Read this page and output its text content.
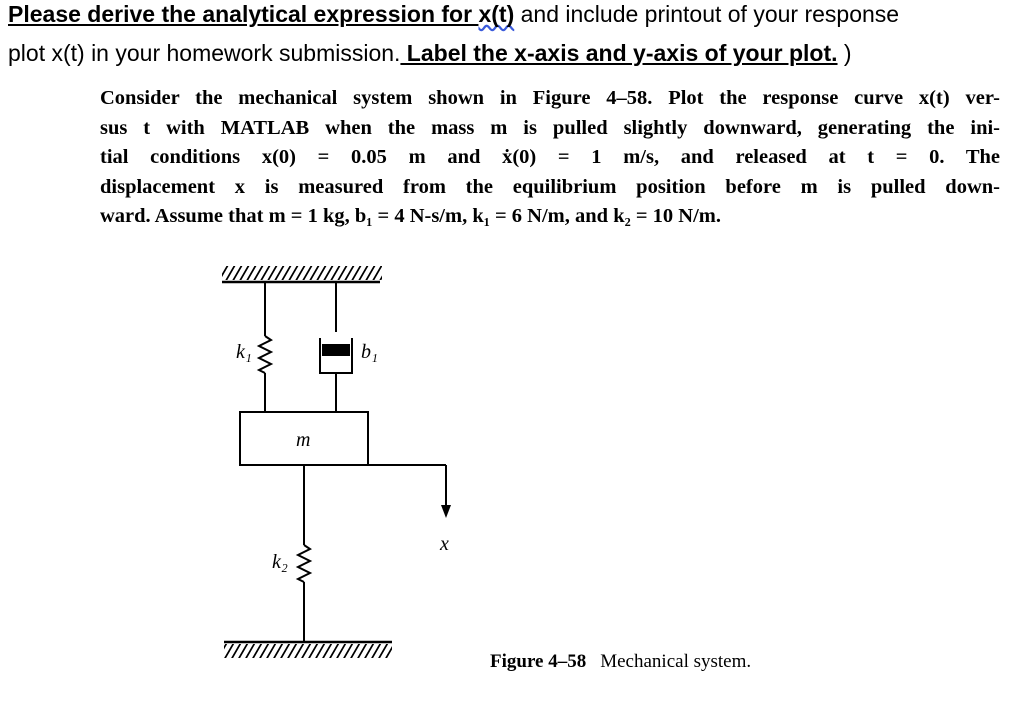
Please derive the analytical expression for x(t) and include printout of your response
plot x(t) in your homework submission. Label the x-axis and y-axis of your plot. )
Consider the mechanical system shown in Figure 4–58. Plot the response curve x(t) ver-
sus t with MATLAB when the mass m is pulled slightly downward, generating the ini-
tial conditions x(0) = 0.05 m and ẋ(0) = 1 m/s, and released at t = 0. The
displacement x is measured from the equilibrium position before m is pulled down-
ward. Assume that m = 1 kg, b₁ = 4 N-s/m, k₁ = 6 N/m, and k₂ = 10 N/m.
k₁	b₁
m
x
k₂
Figure 4–58 Mechanical system.
